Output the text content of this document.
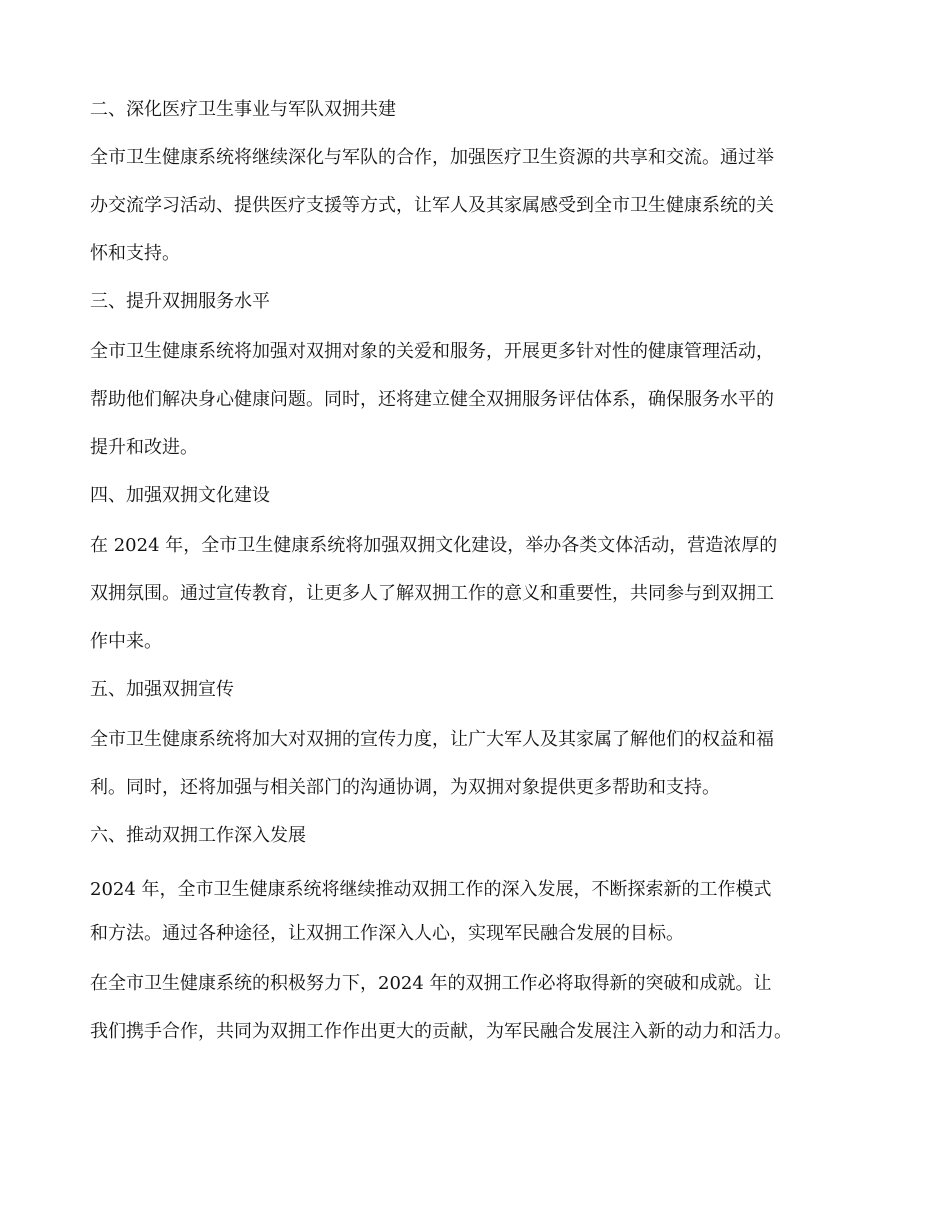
二、深化医疗卫生事业与军队双拥共建
全市卫生健康系统将继续深化与军队的合作，加强医疗卫生资源的共享和交流。通过举
办交流学习活动、提供医疗支援等方式，让军人及其家属感受到全市卫生健康系统的关
怀和支持。
三、提升双拥服务水平
全市卫生健康系统将加强对双拥对象的关爱和服务，开展更多针对性的健康管理活动，
帮助他们解决身心健康问题。同时，还将建立健全双拥服务评估体系，确保服务水平的
提升和改进。
四、加强双拥文化建设
在 2024 年，全市卫生健康系统将加强双拥文化建设，举办各类文体活动，营造浓厚的
双拥氛围。通过宣传教育，让更多人了解双拥工作的意义和重要性，共同参与到双拥工
作中来。
五、加强双拥宣传
全市卫生健康系统将加大对双拥的宣传力度，让广大军人及其家属了解他们的权益和福
利。同时，还将加强与相关部门的沟通协调，为双拥对象提供更多帮助和支持。
六、推动双拥工作深入发展
2024 年，全市卫生健康系统将继续推动双拥工作的深入发展，不断探索新的工作模式
和方法。通过各种途径，让双拥工作深入人心，实现军民融合发展的目标。
在全市卫生健康系统的积极努力下，2024 年的双拥工作必将取得新的突破和成就。让
我们携手合作，共同为双拥工作作出更大的贡献，为军民融合发展注入新的动力和活力。
